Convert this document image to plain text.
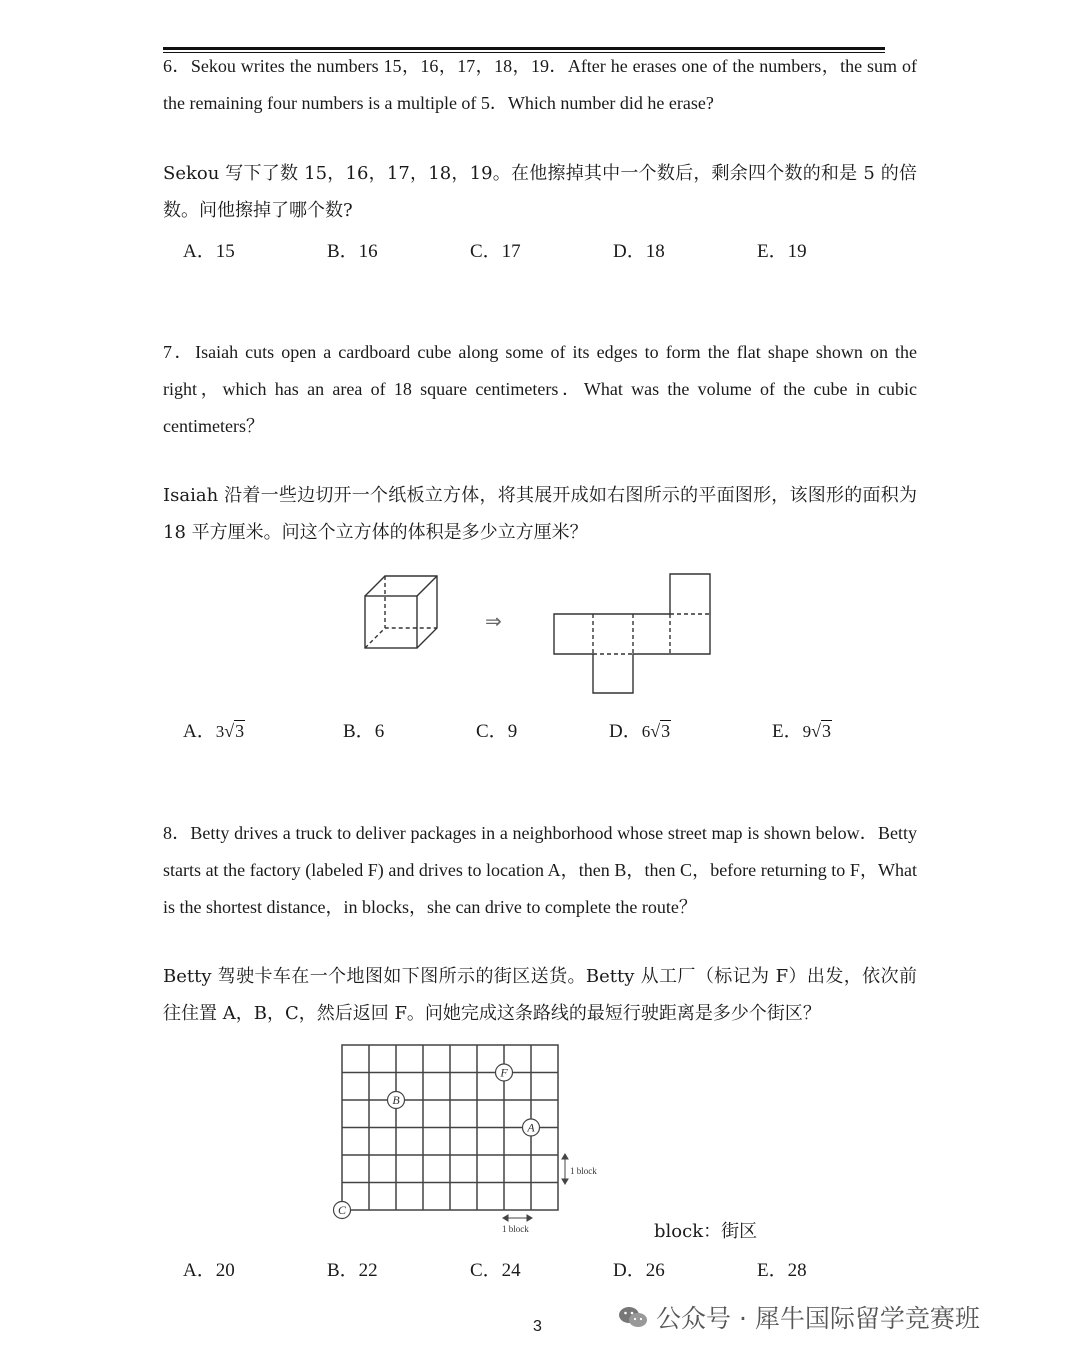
6．Sekou writes the numbers 15，16，17，18，19．After he erases one of the numbers，the sum of the remaining four numbers is a multiple of 5．Which number did he erase?

Sekou 写下了数 15，16，17，18，19。在他擦掉其中一个数后，剩余四个数的和是 5 的倍数。问他擦掉了哪个数?

A．15	B．16	C．17	D．18	E．19

7．Isaiah cuts open a cardboard cube along some of its edges to form the flat shape shown on the right，which has an area of 18 square centimeters．What was the volume of the cube in cubic centimeters？

Isaiah 沿着一些边切开一个纸板立方体，将其展开成如右图所示的平面图形，该图形的面积为 18 平方厘米。问这个立方体的体积是多少立方厘米？

⇒
A．3√3	B．6	C．9	D．6√3	E．9√3

8．Betty drives a truck to deliver packages in a neighborhood whose street map is shown below．Betty starts at the factory (labeled F) and drives to location A，then B，then C，before returning to F，What is the shortest distance，in blocks，she can drive to complete the route？

Betty 驾驶卡车在一个地图如下图所示的街区送货。Betty 从工厂（标记为 F）出发，依次前往住置 A，B，C，然后返回 F。问她完成这条路线的最短行驶距离是多少个街区？

F
B
A
C
1 block
1 block	block：街区
A．20	B．22	C．24	D．26	E．28
3	公众号 · 犀牛国际留学竞赛班
